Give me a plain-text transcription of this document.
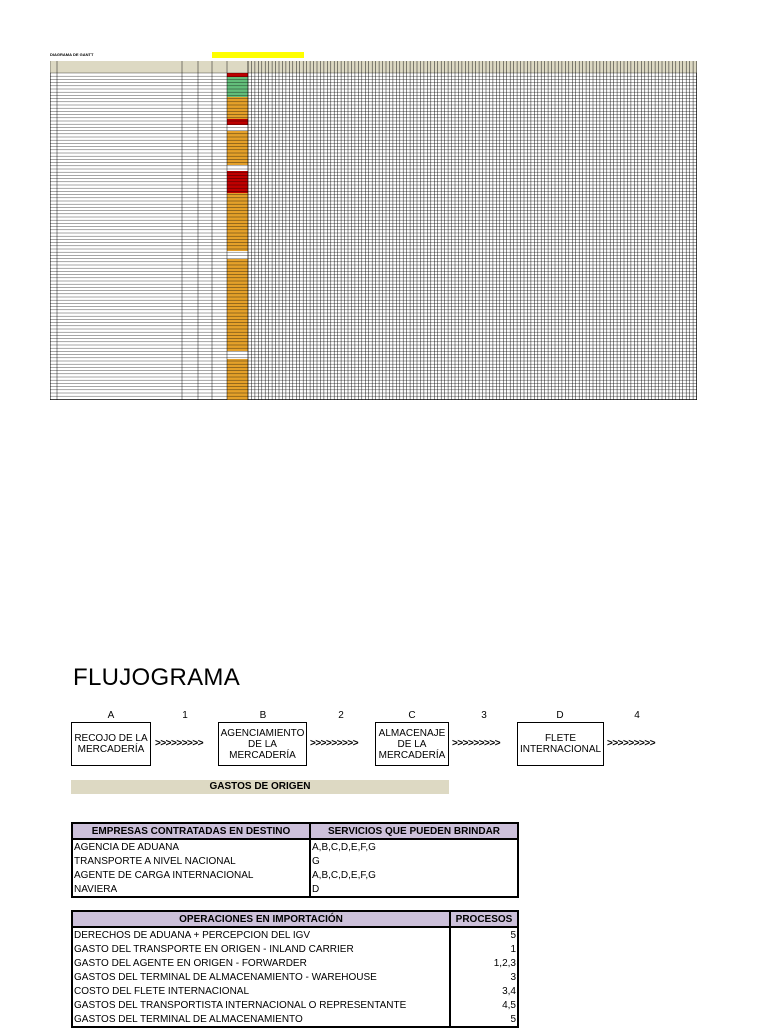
DIAGRAMA DE GANTT
FLUJOGRAMA
A	1	B	2	C	3	D	4
RECOJO DE LA MERCADERÍA
>>>>>>>>>
AGENCIAMIENTO DE LA MERCADERÍA
>>>>>>>>>
ALMACENAJE DE LA MERCADERÍA
>>>>>>>>>	FLETE INTERNACIONAL
>>>>>>>>>
GASTOS DE ORIGEN
EMPRESAS CONTRATADAS EN DESTINO	SERVICIOS QUE PUEDEN BRINDAR
AGENCIA DE ADUANA	A,B,C,D,E,F,G
TRANSPORTE A NIVEL NACIONAL	G
AGENTE DE CARGA INTERNACIONAL	A,B,C,D,E,F,G
NAVIERA	D
OPERACIONES EN IMPORTACIÓN	PROCESOS
DERECHOS DE ADUANA + PERCEPCION DEL IGV	5
GASTO DEL TRANSPORTE EN ORIGEN - INLAND CARRIER	1
GASTO DEL AGENTE EN ORIGEN - FORWARDER	1,2,3
GASTOS DEL TERMINAL DE ALMACENAMIENTO - WAREHOUSE	3
COSTO DEL FLETE INTERNACIONAL	3,4
GASTOS DEL TRANSPORTISTA INTERNACIONAL O REPRESENTANTE	4,5
GASTOS DEL TERMINAL DE ALMACENAMIENTO	5
